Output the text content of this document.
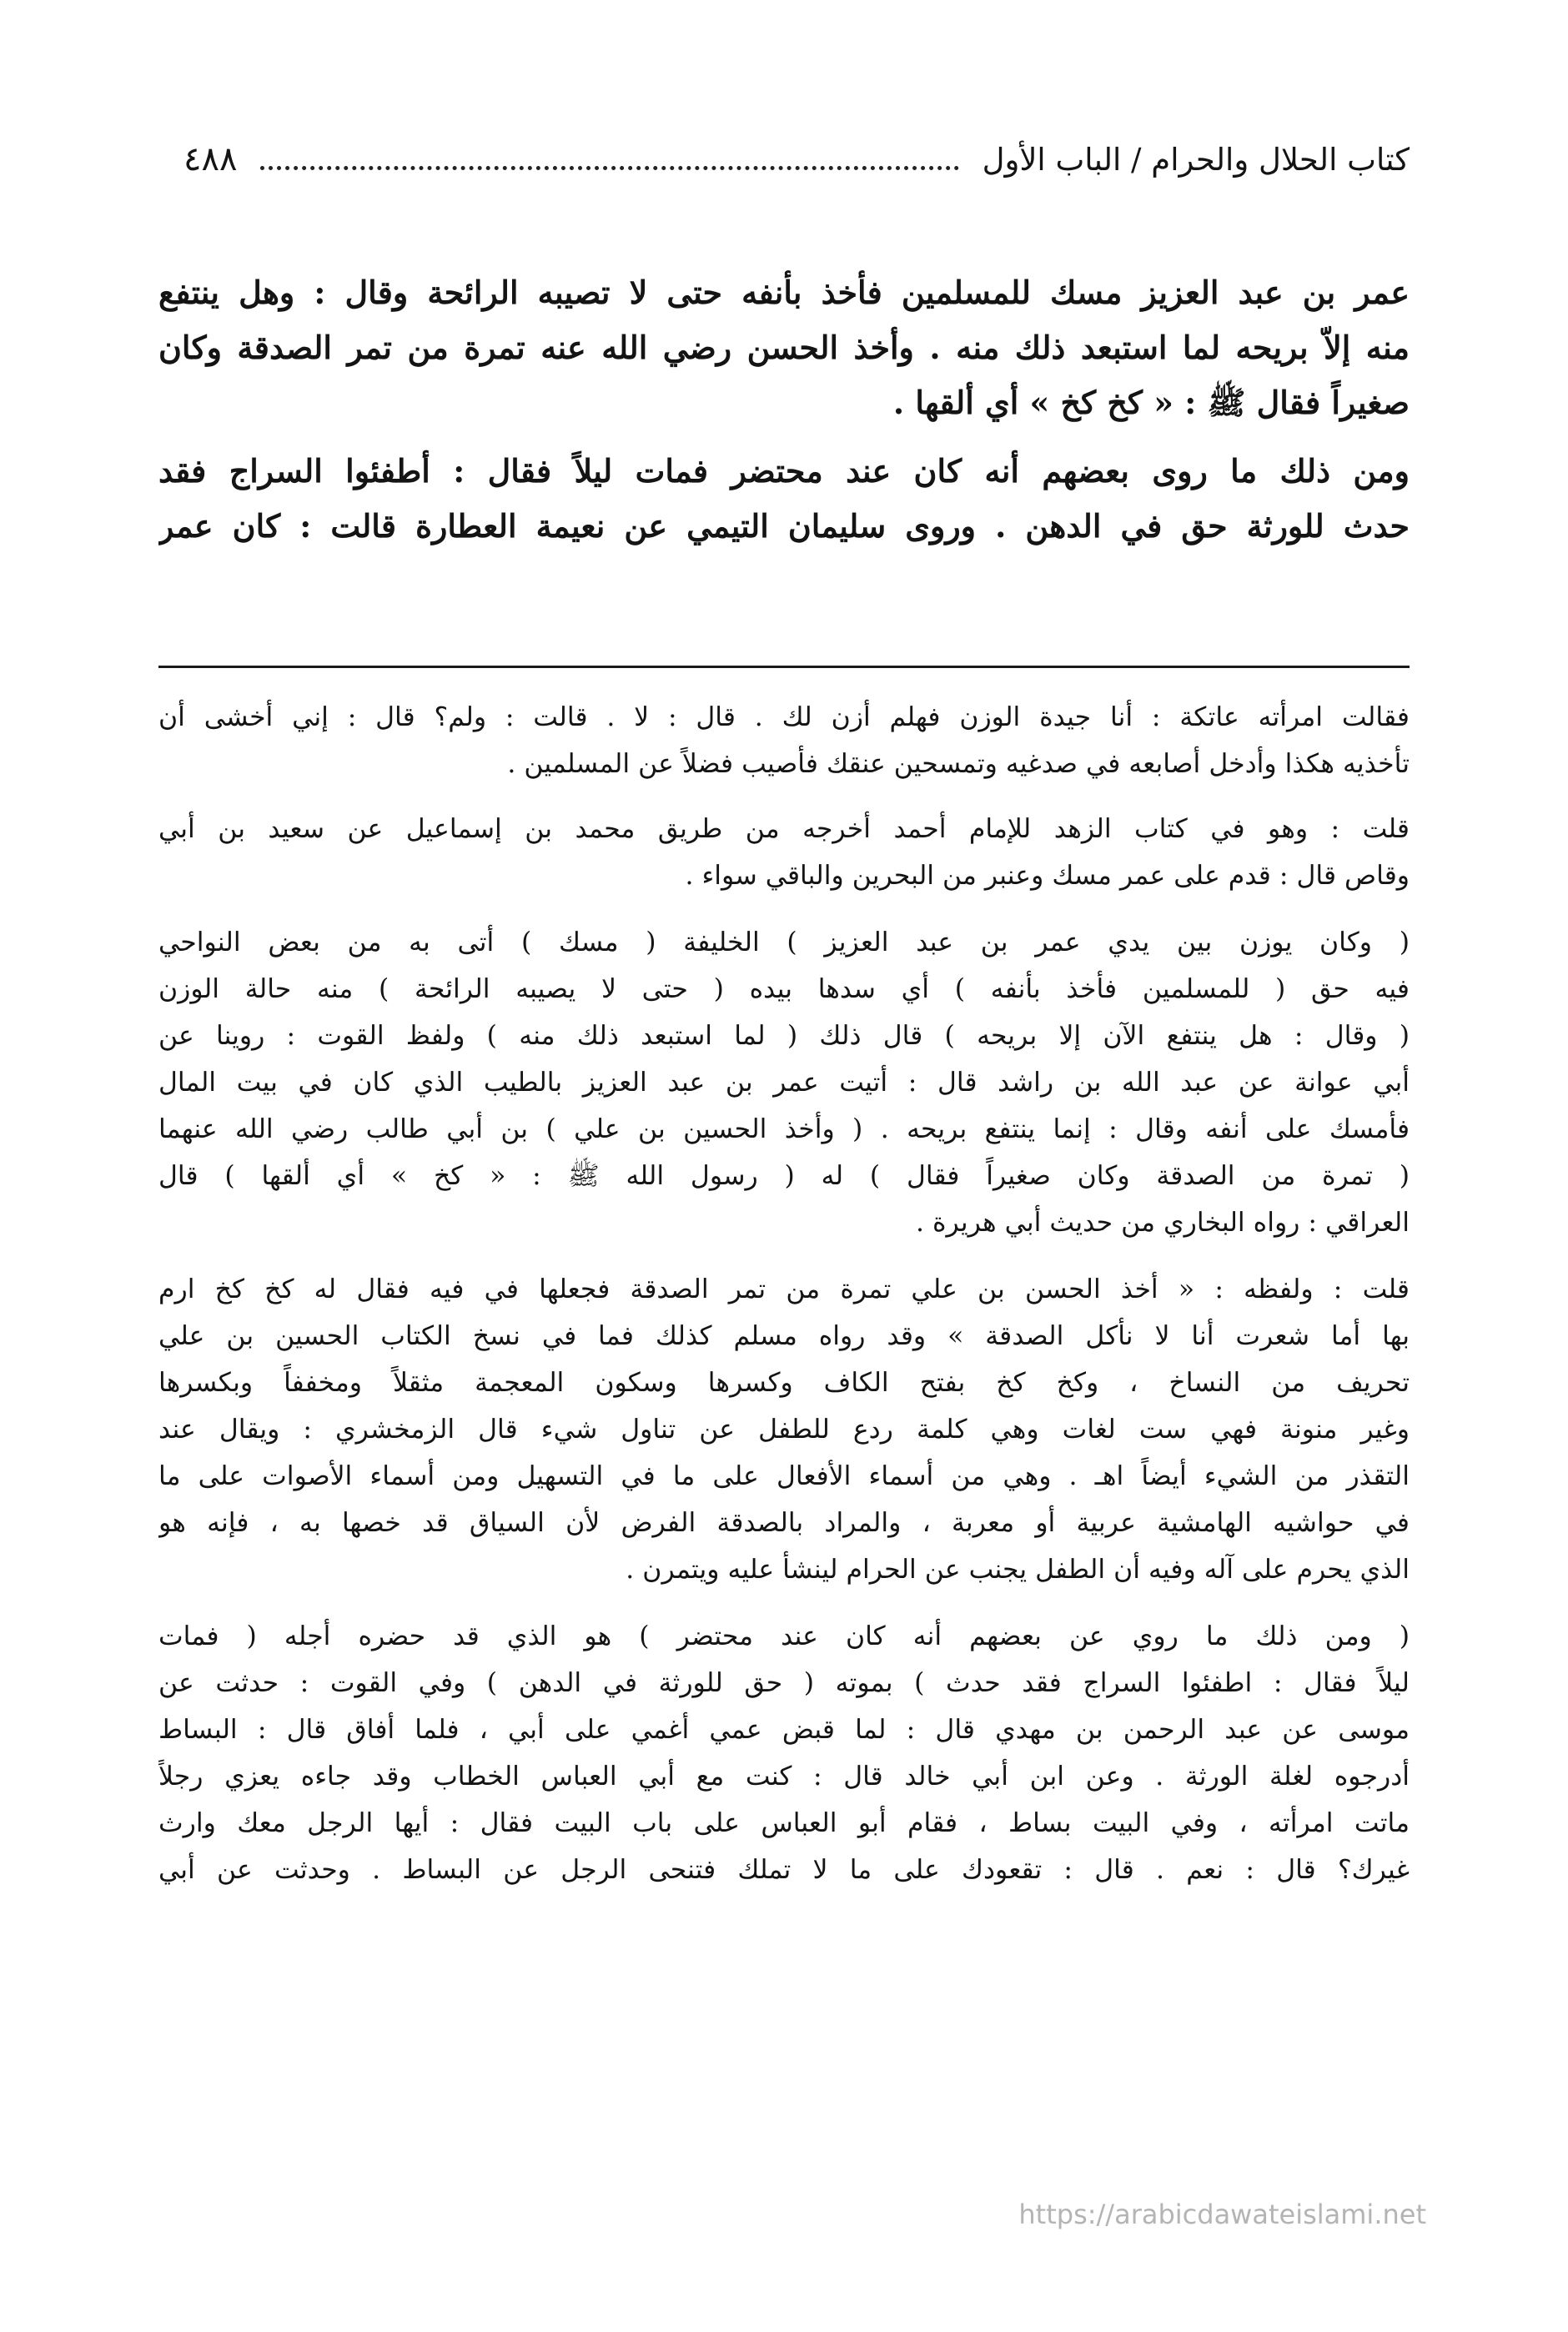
٤٨٨	كتاب الحلال والحرام / الباب الأول
عمر بن عبد العزيز مسك للمسلمين فأخذ بأنفه حتى لا تصيبه الرائحة وقال : وهل ينتفع
منه إلاّ بريحه لما استبعد ذلك منه . وأخذ الحسن رضي الله عنه تمرة من تمر الصدقة وكان
صغيراً فقال ﷺ : « كخ كخ » أي ألقها .
ومن ذلك ما روى بعضهم أنه كان عند محتضر فمات ليلاً فقال : أطفئوا السراج فقد
حدث للورثة حق في الدهن . وروى سليمان التيمي عن نعيمة العطارة قالت : كان عمر
فقالت امرأته عاتكة : أنا جيدة الوزن فهلم أزن لك . قال : لا . قالت : ولم؟ قال : إني أخشى أن
تأخذيه هكذا وأدخل أصابعه في صدغيه وتمسحين عنقك فأصيب فضلاً عن المسلمين .
قلت : وهو في كتاب الزهد للإمام أحمد أخرجه من طريق محمد بن إسماعيل عن سعيد بن أبي
وقاص قال : قدم على عمر مسك وعنبر من البحرين والباقي سواء .
( وكان يوزن بين يدي عمر بن عبد العزيز ) الخليفة ( مسك ) أتى به من بعض النواحي
فيه حق ( للمسلمين فأخذ بأنفه ) أي سدها بيده ( حتى لا يصيبه الرائحة ) منه حالة الوزن
( وقال : هل ينتفع الآن إلا بريحه ) قال ذلك ( لما استبعد ذلك منه ) ولفظ القوت : روينا عن
أبي عوانة عن عبد الله بن راشد قال : أتيت عمر بن عبد العزيز بالطيب الذي كان في بيت المال
فأمسك على أنفه وقال : إنما ينتفع بريحه . ( وأخذ الحسين بن علي ) بن أبي طالب رضي الله عنهما
( تمرة من الصدقة وكان صغيراً فقال ) له ( رسول الله ﷺ : « كخ » أي ألقها ) قال
العراقي : رواه البخاري من حديث أبي هريرة .
قلت : ولفظه : « أخذ الحسن بن علي تمرة من تمر الصدقة فجعلها في فيه فقال له كخ كخ ارم
بها أما شعرت أنا لا نأكل الصدقة » وقد رواه مسلم كذلك فما في نسخ الكتاب الحسين بن علي
تحريف من النساخ ، وكخ كخ بفتح الكاف وكسرها وسكون المعجمة مثقلاً ومخففاً وبكسرها
وغير منونة فهي ست لغات وهي كلمة ردع للطفل عن تناول شيء قال الزمخشري : ويقال عند
التقذر من الشيء أيضاً اهـ . وهي من أسماء الأفعال على ما في التسهيل ومن أسماء الأصوات على ما
في حواشيه الهامشية عربية أو معربة ، والمراد بالصدقة الفرض لأن السياق قد خصها به ، فإنه هو
الذي يحرم على آله وفيه أن الطفل يجنب عن الحرام لينشأ عليه ويتمرن .
( ومن ذلك ما روي عن بعضهم أنه كان عند محتضر ) هو الذي قد حضره أجله ( فمات
ليلاً فقال : اطفئوا السراج فقد حدث ) بموته ( حق للورثة في الدهن ) وفي القوت : حدثت عن
موسى عن عبد الرحمن بن مهدي قال : لما قبض عمي أغمي على أبي ، فلما أفاق قال : البساط
أدرجوه لغلة الورثة . وعن ابن أبي خالد قال : كنت مع أبي العباس الخطاب وقد جاءه يعزي رجلاً
ماتت امرأته ، وفي البيت بساط ، فقام أبو العباس على باب البيت فقال : أيها الرجل معك وارث
غيرك؟ قال : نعم . قال : تقعودك على ما لا تملك فتنحى الرجل عن البساط . وحدثت عن أبي
https://arabicdawateislami.net
